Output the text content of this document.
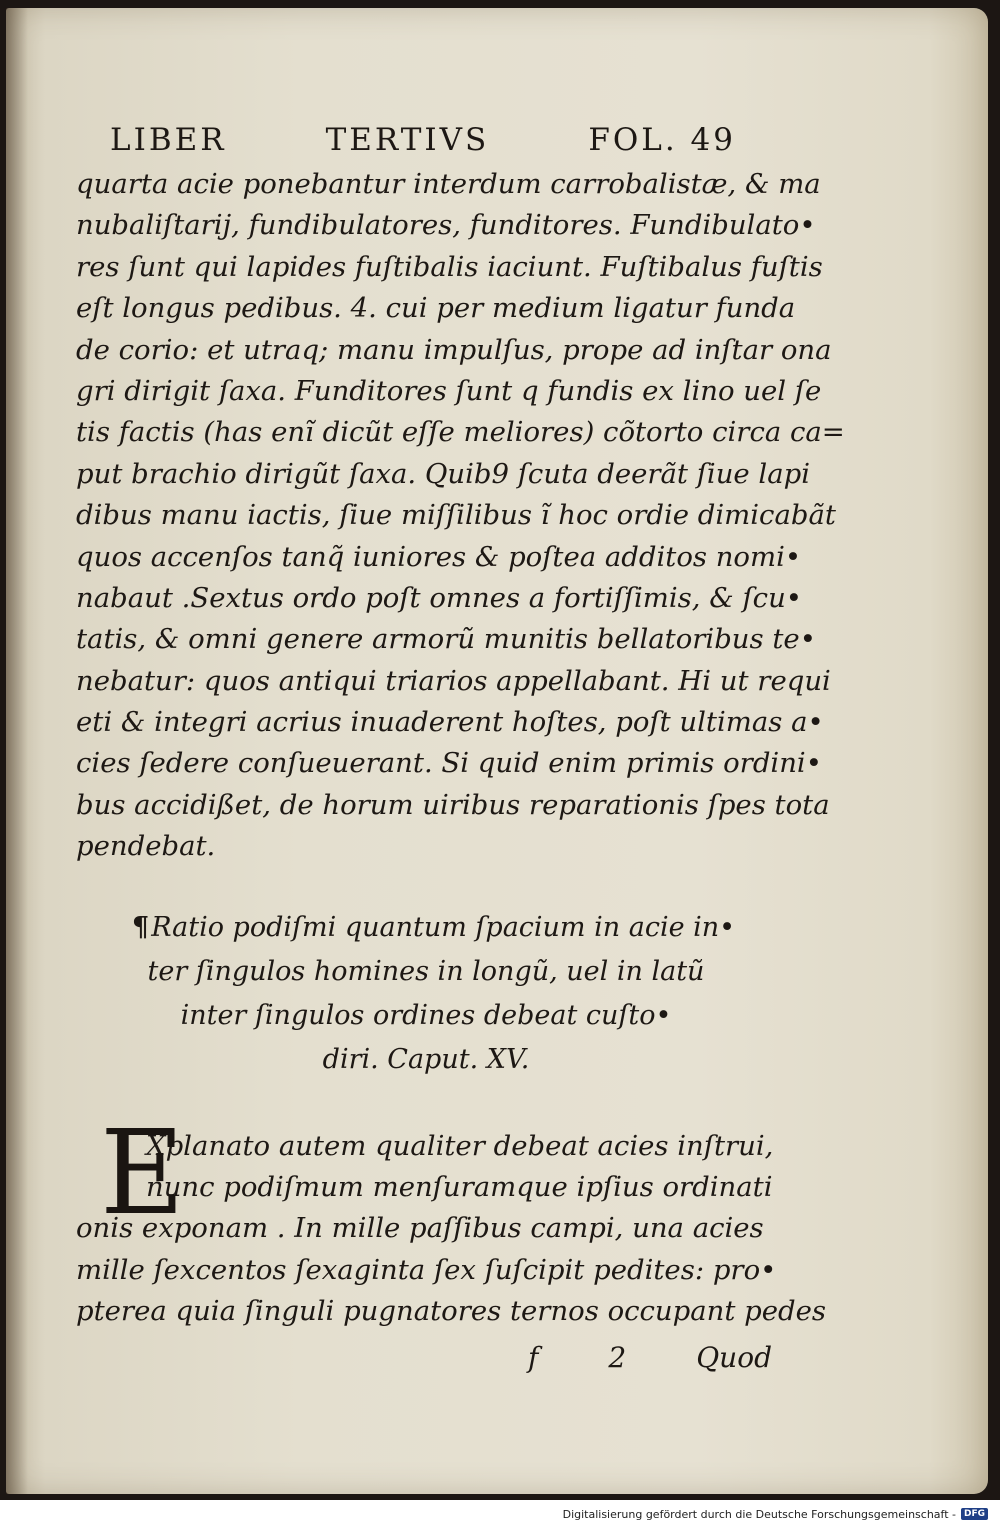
LIBER	TERTIVS	FOL. 49
quarta acie ponebantur interdum carrobalistæ, & ma
nubaliſtarij, fundibulatores, funditores. Fundibulato•
res ſunt qui lapides fuſtibalis iaciunt. Fuſtibalus fuſtis
eſt longus pedibus. 4. cui per medium ligatur funda
de corio: et utraq; manu impulſus, prope ad inſtar ona
gri dirigit ſaxa. Funditores ſunt q fundis ex lino uel ſe
tis factis (has enĩ dicũt eſſe meliores) cõtorto circa ca=
put brachio dirigũt ſaxa. Quib9 ſcuta deerãt ſiue lapi
dibus manu iactis, ſiue miſſilibus ĩ hoc ordie dimicabãt
quos accenſos tanq̃ iuniores & poſtea additos nomi•
nabaut .Sextus ordo poſt omnes a fortiſſimis, & ſcu•
tatis, & omni genere armorũ munitis bellatoribus te•
nebatur: quos antiqui triarios appellabant. Hi ut requi
eti & integri acrius inuaderent hoſtes, poſt ultimas a•
cies ſedere conſueuerant. Si quid enim primis ordini•
bus accidißet, de horum uiribus reparationis ſpes tota
pendebat.
¶Ratio podiſmi quantum ſpacium in acie in•
ter ſingulos homines in longũ, uel in latũ
inter ſingulos ordines debeat cuſto•
diri. Caput. XV.
E
Xplanato autem qualiter debeat acies inſtrui,
nunc podiſmum menſuramque ipſius ordinati
onis exponam . In mille paſſibus campi, una acies
mille ſexcentos ſexaginta ſex ſuſcipit pedites: pro•
pterea quia ſinguli pugnatores ternos occupant pedes
f	2	Quod
Digitalisierung gefördert durch die Deutsche Forschungsgemeinschaft - DFG
